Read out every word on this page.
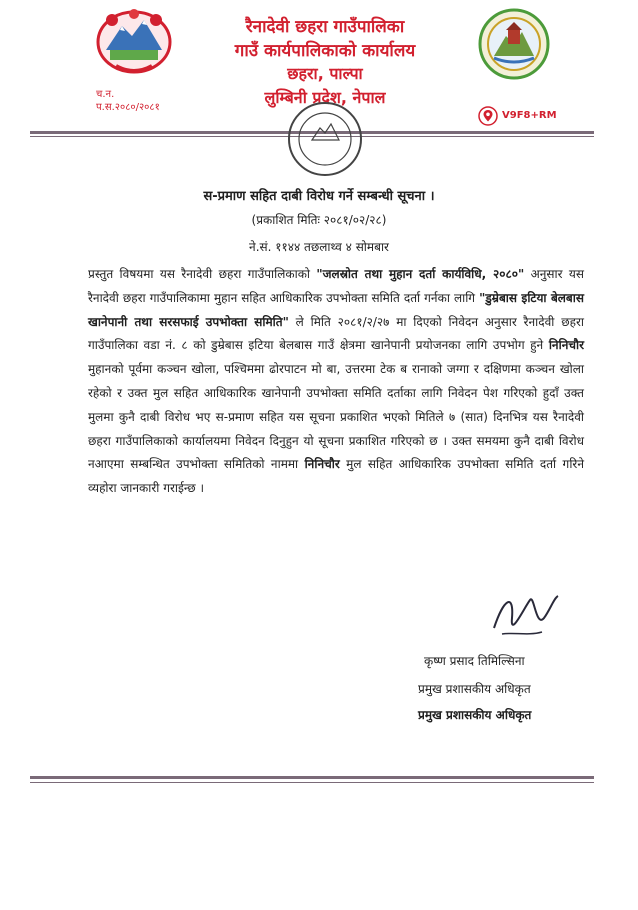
रैनादेवी छहरा गाउँपालिका
गाउँ कार्यपालिकाको कार्यालय
छहरा, पाल्पा
लुम्बिनी प्रदेश, नेपाल
च.न.
प.स.२०८०/२०८१
V9F8+RM
स-प्रमाण सहित दाबी विरोध गर्ने सम्बन्धी सूचना ।
(प्रकाशित मितिः २०८१/०२/२८)
ने.सं. ११४४ तछलाथ्व ४ सोमबार
प्रस्तुत विषयमा यस रैनादेवी छहरा गाउँपालिकाको "जलस्रोत तथा मुहान दर्ता कार्यविधि, २०८०" अनुसार यस रैनादेवी छहरा गाउँपालिकामा मुहान सहित आधिकारिक उपभोक्ता समिति दर्ता गर्नका लागि "डुम्रेबास इटिया बेलबास खानेपानी तथा सरसफाई उपभोक्ता समिति" ले मिति २०८१/२/२७ मा दिएको निवेदन अनुसार रैनादेवी छहरा गाउँपालिका वडा नं. ८ को डुम्रेबास इटिया बेलबास गाउँ क्षेत्रमा खानेपानी प्रयोजनका लागि उपभोग हुने निनिचौर मुहानको पूर्वमा कञ्चन खोला, पश्चिममा ढोरपाटन मो बा, उत्तरमा टेक ब रानाको जग्गा र दक्षिणमा कञ्चन खोला रहेको र उक्त मुल सहित आधिकारिक खानेपानी उपभोक्ता समिति दर्ताका लागि निवेदन पेश गरिएको हुदाँ उक्त मुलमा कुनै दाबी विरोध भए स-प्रमाण सहित यस सूचना प्रकाशित भएको मितिले ७ (सात) दिनभित्र यस रैनादेवी छहरा गाउँपालिकाको कार्यालयमा निवेदन दिनुहुन यो सूचना प्रकाशित गरिएको छ । उक्त समयमा कुनै दाबी विरोध नआएमा सम्बन्धित उपभोक्ता समितिको नाममा निनिचौर मुल सहित आधिकारिक उपभोक्ता समिति दर्ता गरिने व्यहोरा जानकारी गराईन्छ ।
कृष्ण प्रसाद तिमिल्सिना
प्रमुख प्रशासकीय अधिकृत
प्रमुख प्रशासकीय अधिकृत
